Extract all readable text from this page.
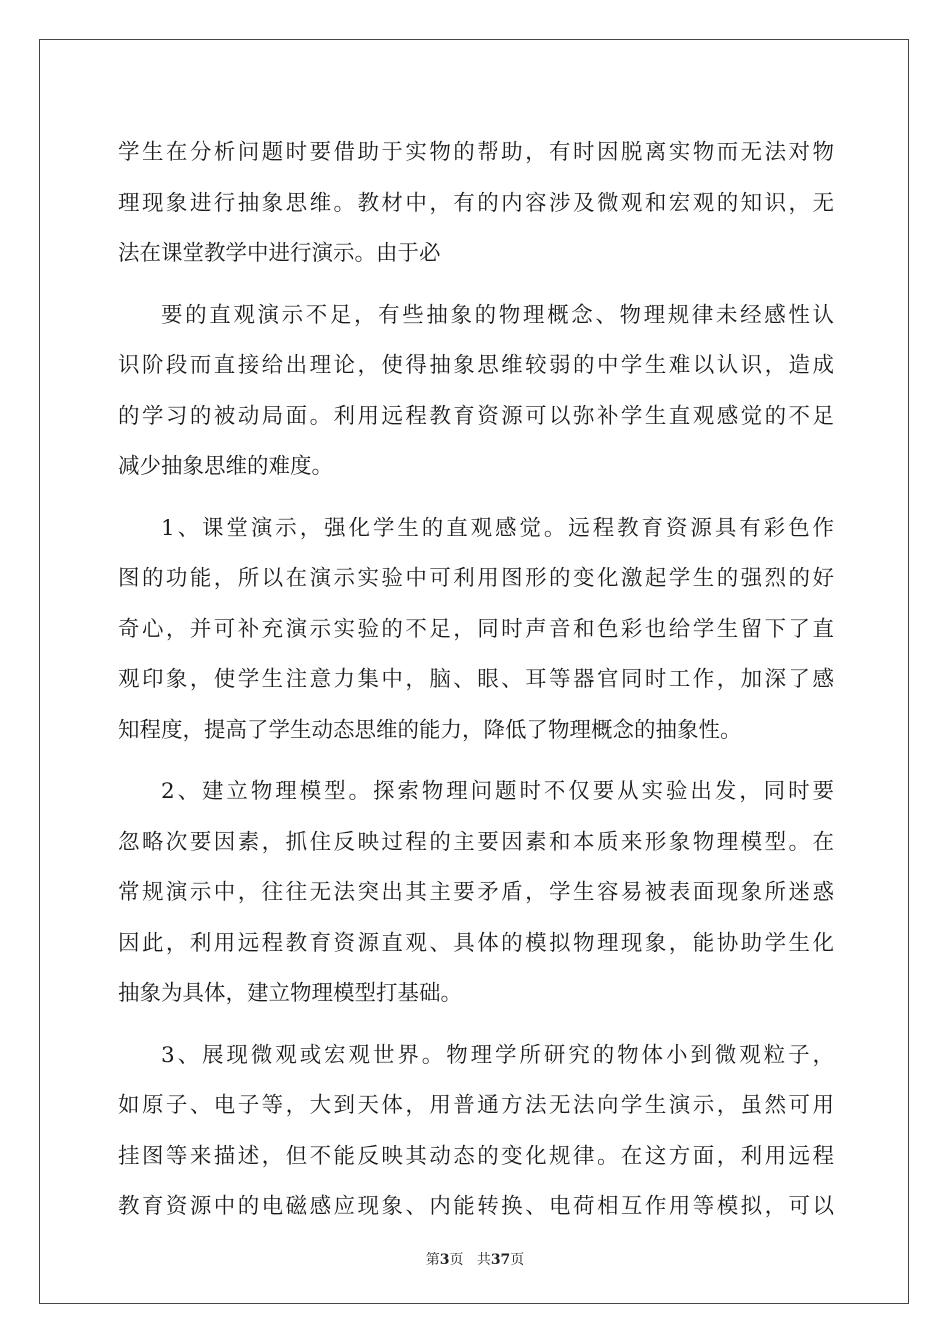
学生在分析问题时要借助于实物的帮助，有时因脱离实物而无法对物
理现象进行抽象思维。教材中，有的内容涉及微观和宏观的知识，无
法在课堂教学中进行演示。由于必
要的直观演示不足，有些抽象的物理概念、物理规律未经感性认
识阶段而直接给出理论，使得抽象思维较弱的中学生难以认识，造成
的学习的被动局面。利用远程教育资源可以弥补学生直观感觉的不足
减少抽象思维的难度。
1、课堂演示，强化学生的直观感觉。远程教育资源具有彩色作
图的功能，所以在演示实验中可利用图形的变化激起学生的强烈的好
奇心，并可补充演示实验的不足，同时声音和色彩也给学生留下了直
观印象，使学生注意力集中，脑、眼、耳等器官同时工作，加深了感
知程度，提高了学生动态思维的能力，降低了物理概念的抽象性。
2、建立物理模型。探索物理问题时不仅要从实验出发，同时要
忽略次要因素，抓住反映过程的主要因素和本质来形象物理模型。在
常规演示中，往往无法突出其主要矛盾，学生容易被表面现象所迷惑
因此，利用远程教育资源直观、具体的模拟物理现象，能协助学生化
抽象为具体，建立物理模型打基础。
3、展现微观或宏观世界。物理学所研究的物体小到微观粒子，
如原子、电子等，大到天体，用普通方法无法向学生演示，虽然可用
挂图等来描述，但不能反映其动态的变化规律。在这方面，利用远程
教育资源中的电磁感应现象、内能转换、电荷相互作用等模拟，可以
第3页 共37页
